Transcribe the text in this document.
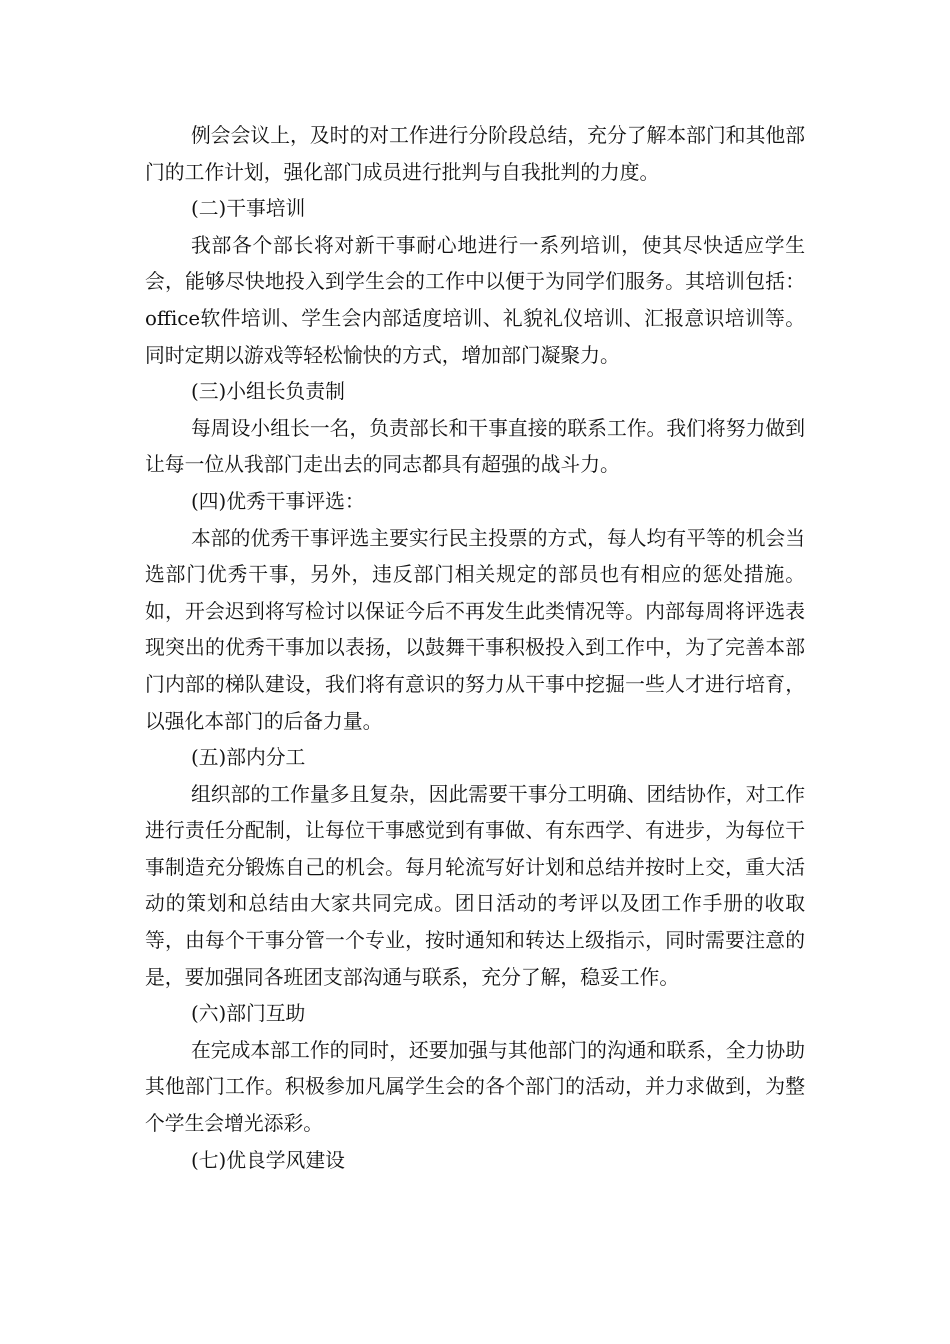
例会会议上，及时的对工作进行分阶段总结，充分了解本部门和其他部门的工作计划，强化部门成员进行批判与自我批判的力度。

(二)干事培训

我部各个部长将对新干事耐心地进行一系列培训，使其尽快适应学生会，能够尽快地投入到学生会的工作中以便于为同学们服务。其培训包括：office软件培训、学生会内部适度培训、礼貌礼仪培训、汇报意识培训等。同时定期以游戏等轻松愉快的方式，增加部门凝聚力。

(三)小组长负责制

每周设小组长一名，负责部长和干事直接的联系工作。我们将努力做到让每一位从我部门走出去的同志都具有超强的战斗力。

(四)优秀干事评选：

本部的优秀干事评选主要实行民主投票的方式，每人均有平等的机会当选部门优秀干事，另外，违反部门相关规定的部员也有相应的惩处措施。如，开会迟到将写检讨以保证今后不再发生此类情况等。内部每周将评选表现突出的优秀干事加以表扬，以鼓舞干事积极投入到工作中，为了完善本部门内部的梯队建设，我们将有意识的努力从干事中挖掘一些人才进行培育，以强化本部门的后备力量。

(五)部内分工

组织部的工作量多且复杂，因此需要干事分工明确、团结协作，对工作进行责任分配制，让每位干事感觉到有事做、有东西学、有进步，为每位干事制造充分锻炼自己的机会。每月轮流写好计划和总结并按时上交，重大活动的策划和总结由大家共同完成。团日活动的考评以及团工作手册的收取等，由每个干事分管一个专业，按时通知和转达上级指示，同时需要注意的是，要加强同各班团支部沟通与联系，充分了解，稳妥工作。

(六)部门互助

在完成本部工作的同时，还要加强与其他部门的沟通和联系，全力协助其他部门工作。积极参加凡属学生会的各个部门的活动，并力求做到，为整个学生会增光添彩。

(七)优良学风建设
